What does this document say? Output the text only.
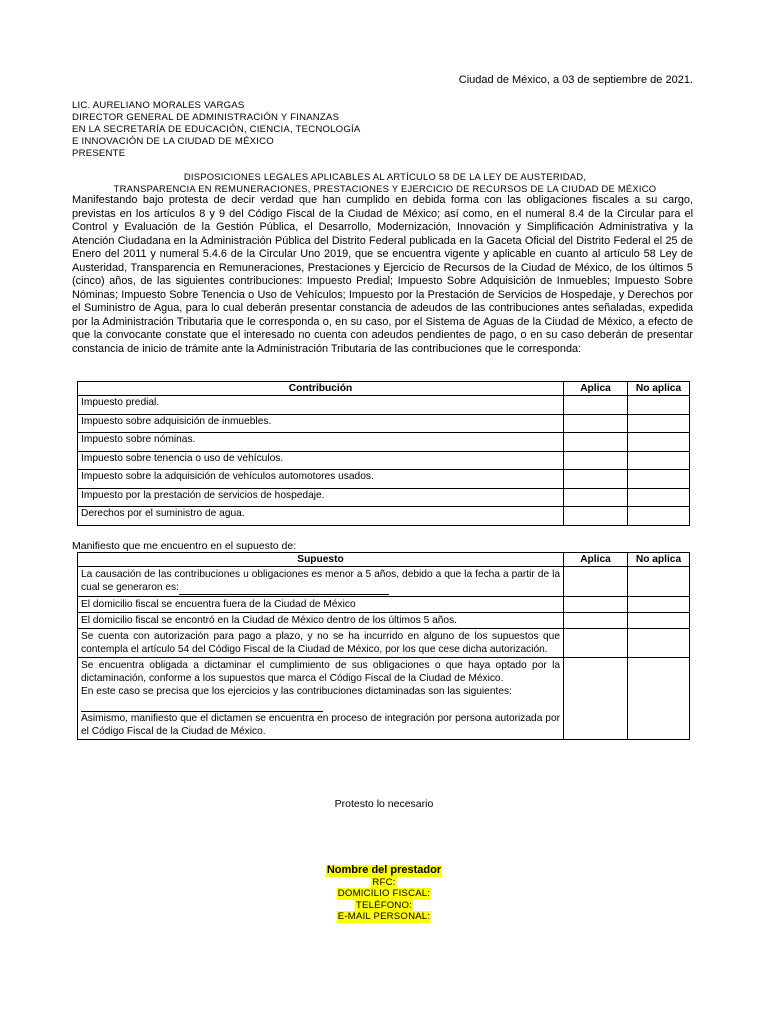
Ciudad de México, a 03 de septiembre de 2021.
LIC. AURELIANO MORALES VARGAS
DIRECTOR GENERAL DE ADMINISTRACIÓN Y FINANZAS
EN LA SECRETARÍA DE EDUCACIÓN, CIENCIA, TECNOLOGÍA
E INNOVACIÓN DE LA CIUDAD DE MÉXICO
PRESENTE
DISPOSICIONES LEGALES APLICABLES AL ARTÍCULO 58 DE LA LEY DE AUSTERIDAD,
TRANSPARENCIA EN REMUNERACIONES, PRESTACIONES Y EJERCICIO DE RECURSOS DE LA CIUDAD DE MÉXICO
Manifestando bajo protesta de decir verdad que han cumplido en debida forma con las obligaciones fiscales a su cargo, previstas en los artículos 8 y 9 del Código Fiscal de la Ciudad de México; así como, en el numeral 8.4 de la Circular para el Control y Evaluación de la Gestión Pública, el Desarrollo, Modernización, Innovación y Simplificación Administrativa y la Atención Ciudadana en la Administración Pública del Distrito Federal publicada en la Gaceta Oficial del Distrito Federal el 25 de Enero del 2011 y numeral 5.4.6 de la Circular Uno 2019, que se encuentra vigente y aplicable en cuanto al artículo 58 Ley de Austeridad, Transparencia en Remuneraciones, Prestaciones y Ejercicio de Recursos de la Ciudad de México, de los últimos 5 (cinco) años, de las siguientes contribuciones: Impuesto Predial; Impuesto Sobre Adquisición de Inmuebles; Impuesto Sobre Nóminas; Impuesto Sobre Tenencia o Uso de Vehículos; Impuesto por la Prestación de Servicios de Hospedaje, y Derechos por el Suministro de Agua, para lo cual deberán presentar constancia de adeudos de las contribuciones antes señaladas, expedida por la Administración Tributaria que le corresponda o, en su caso, por el Sistema de Aguas de la Ciudad de México, a efecto de que la convocante constate que el interesado no cuenta con adeudos pendientes de pago, o en su caso deberán de presentar constancia de inicio de trámite ante la Administración Tributaria de las contribuciones que le corresponda:
Contribución	Aplica	No aplica
Impuesto predial.		
Impuesto sobre adquisición de inmuebles.		
Impuesto sobre nóminas.		
Impuesto sobre tenencia o uso de vehículos.		
Impuesto sobre la adquisición de vehículos automotores usados.		
Impuesto por la prestación de servicios de hospedaje.		
Derechos por el suministro de agua.		
Manifiesto que me encuentro en el supuesto de:
Supuesto	Aplica	No aplica
La causación de las contribuciones u obligaciones es menor a 5 años, debido a que la fecha a partir de la cual se generaron es:		
El domicilio fiscal se encuentra fuera de la Ciudad de México		
El domicilio fiscal se encontró en la Ciudad de México dentro de los últimos 5 años.		
Se cuenta con autorización para pago a plazo, y no se ha incurrido en alguno de los supuestos que contempla el artículo 54 del Código Fiscal de la Ciudad de México, por los que cese dicha autorización.		

Se encuentra obligada a dictaminar el cumplimiento de sus obligaciones o que haya optado por la dictaminación, conforme a los supuestos que marca el Código Fiscal de la Ciudad de México.
En este caso se precisa que los ejercicios y las contribuciones dictaminadas son las siguientes:

Asimismo, manifiesto que el dictamen se encuentra en proceso de integración por persona autorizada por el Código Fiscal de la Ciudad de México.		

Protesto lo necesario
Nombre del prestador
RFC:
DOMICILIO FISCAL:
TELÉFONO:
E-MAIL PERSONAL:
